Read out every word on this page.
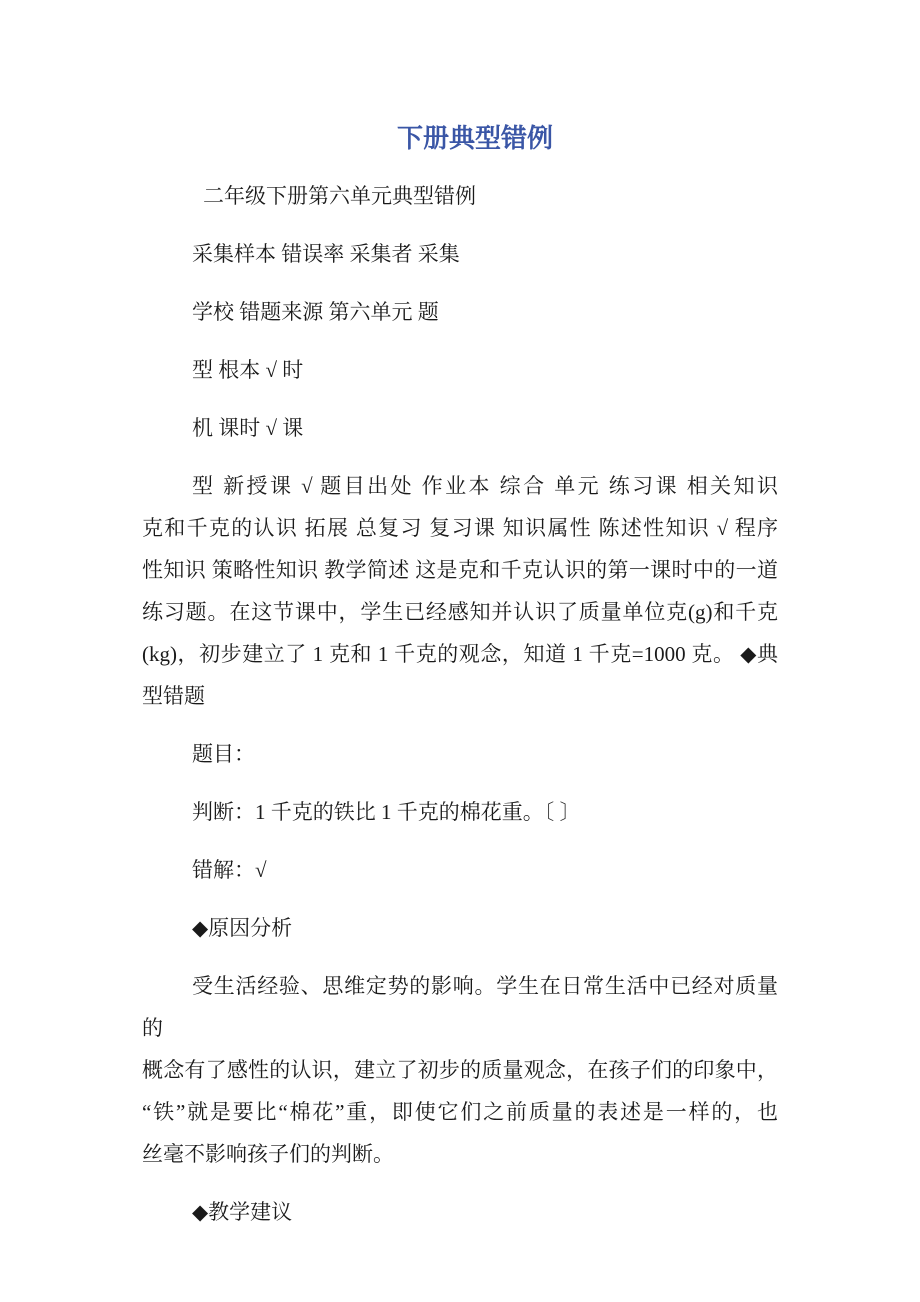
下册典型错例
二年级下册第六单元典型错例
采集样本 错误率 采集者 采集
学校 错题来源 第六单元 题
型 根本 √ 时
机 课时 √ 课
型 新授课 √ 题目出处 作业本 综合 单元 练习课 相关知识
克和千克的认识 拓展 总复习 复习课 知识属性 陈述性知识 √ 程序
性知识 策略性知识 教学简述 这是克和千克认识的第一课时中的一道
练习题。在这节课中，学生已经感知并认识了质量单位克(g)和千克
(kg)，初步建立了 1 克和 1 千克的观念，知道 1 千克=1000 克。 ◆典
型错题
题目：
判断：1 千克的铁比 1 千克的棉花重。〔 〕
错解：√
◆原因分析
受生活经验、思维定势的影响。学生在日常生活中已经对质量的
概念有了感性的认识，建立了初步的质量观念，在孩子们的印象中，
“铁”就是要比“棉花”重，即使它们之前质量的表述是一样的，也
丝毫不影响孩子们的判断。
◆教学建议
